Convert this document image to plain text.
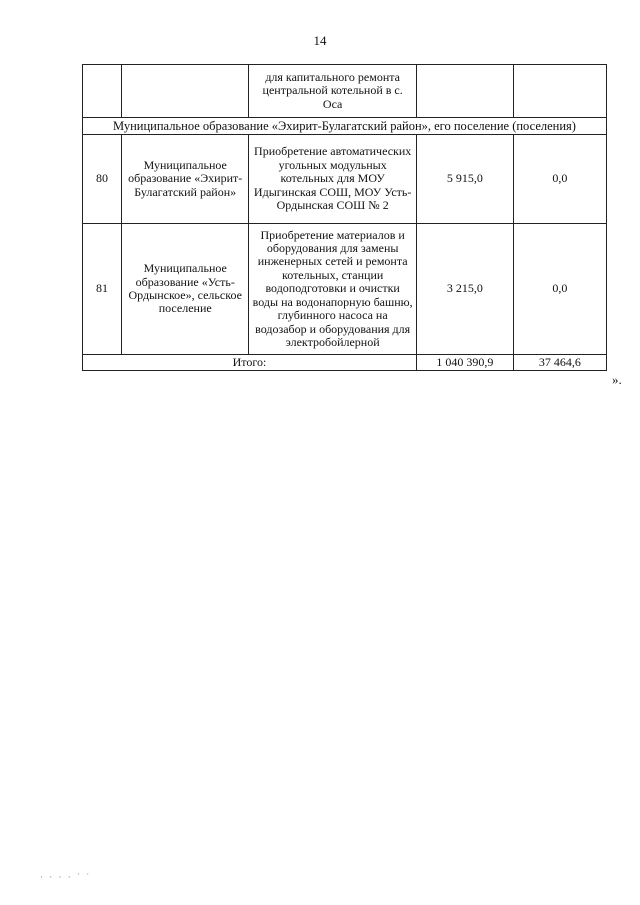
14
		для капитального ремонта центральной котельной в с. Оса		
Муниципальное образование «Эхирит-Булагатский район», его поселение (поселения)				
80	Муниципальное образование «Эхирит-Булагатский район»	Приобретение автоматических угольных модульных котельных для МОУ Идыгинская СОШ, МОУ Усть-Ордынская СОШ № 2	5 915,0	0,0
81	Муниципальное образование «Усть-Ордынское», сельское поселение	Приобретение материалов и оборудования для замены инженерных сетей и ремонта котельных, станции водоподготовки и очистки воды на водонапорную башню, глубинного насоса на водозабор и оборудования для электробойлерной	3 215,0	0,0
Итого:			1 040 390,9	37 464,6
».
· · · · ˙ ˙
